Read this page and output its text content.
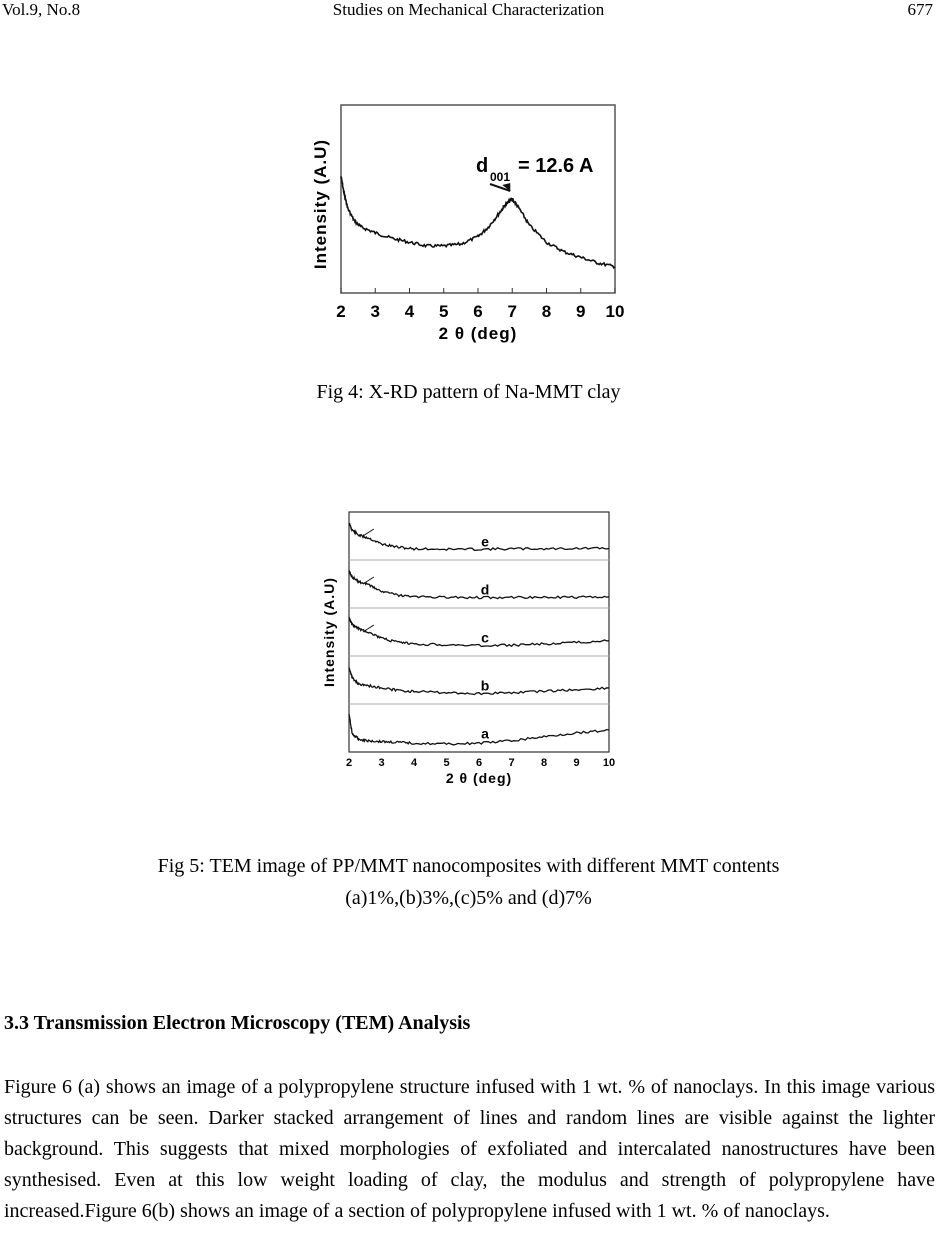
Vol.9, No.8	Studies on Mechanical Characterization	677
2 3 4 5 6 7 8 9 10
2 θ (deg)
Intensity (A.U)	d 001 = 12.6 A
Fig 4: X-RD pattern of Na-MMT clay
e
d
c
b
a
2 3 4 5 6 7 8 9 10
2 θ (deg)
Intensity (A.U)
Fig 5: TEM image of PP/MMT nanocomposites with different MMT contents
(a)1%,(b)3%,(c)5% and (d)7%
3.3 Transmission Electron Microscopy (TEM) Analysis

Figure 6 (a) shows an image of a polypropylene structure infused with 1 wt. % of nanoclays. In this image various structures can be seen. Darker stacked arrangement of lines and random lines are visible against the lighter background. This suggests that mixed morphologies of exfoliated and intercalated nanostructures have been synthesised. Even at this low weight loading of clay, the modulus and strength of polypropylene have increased.Figure 6(b) shows an image of a section of polypropylene infused with 1 wt. % of nanoclays.
